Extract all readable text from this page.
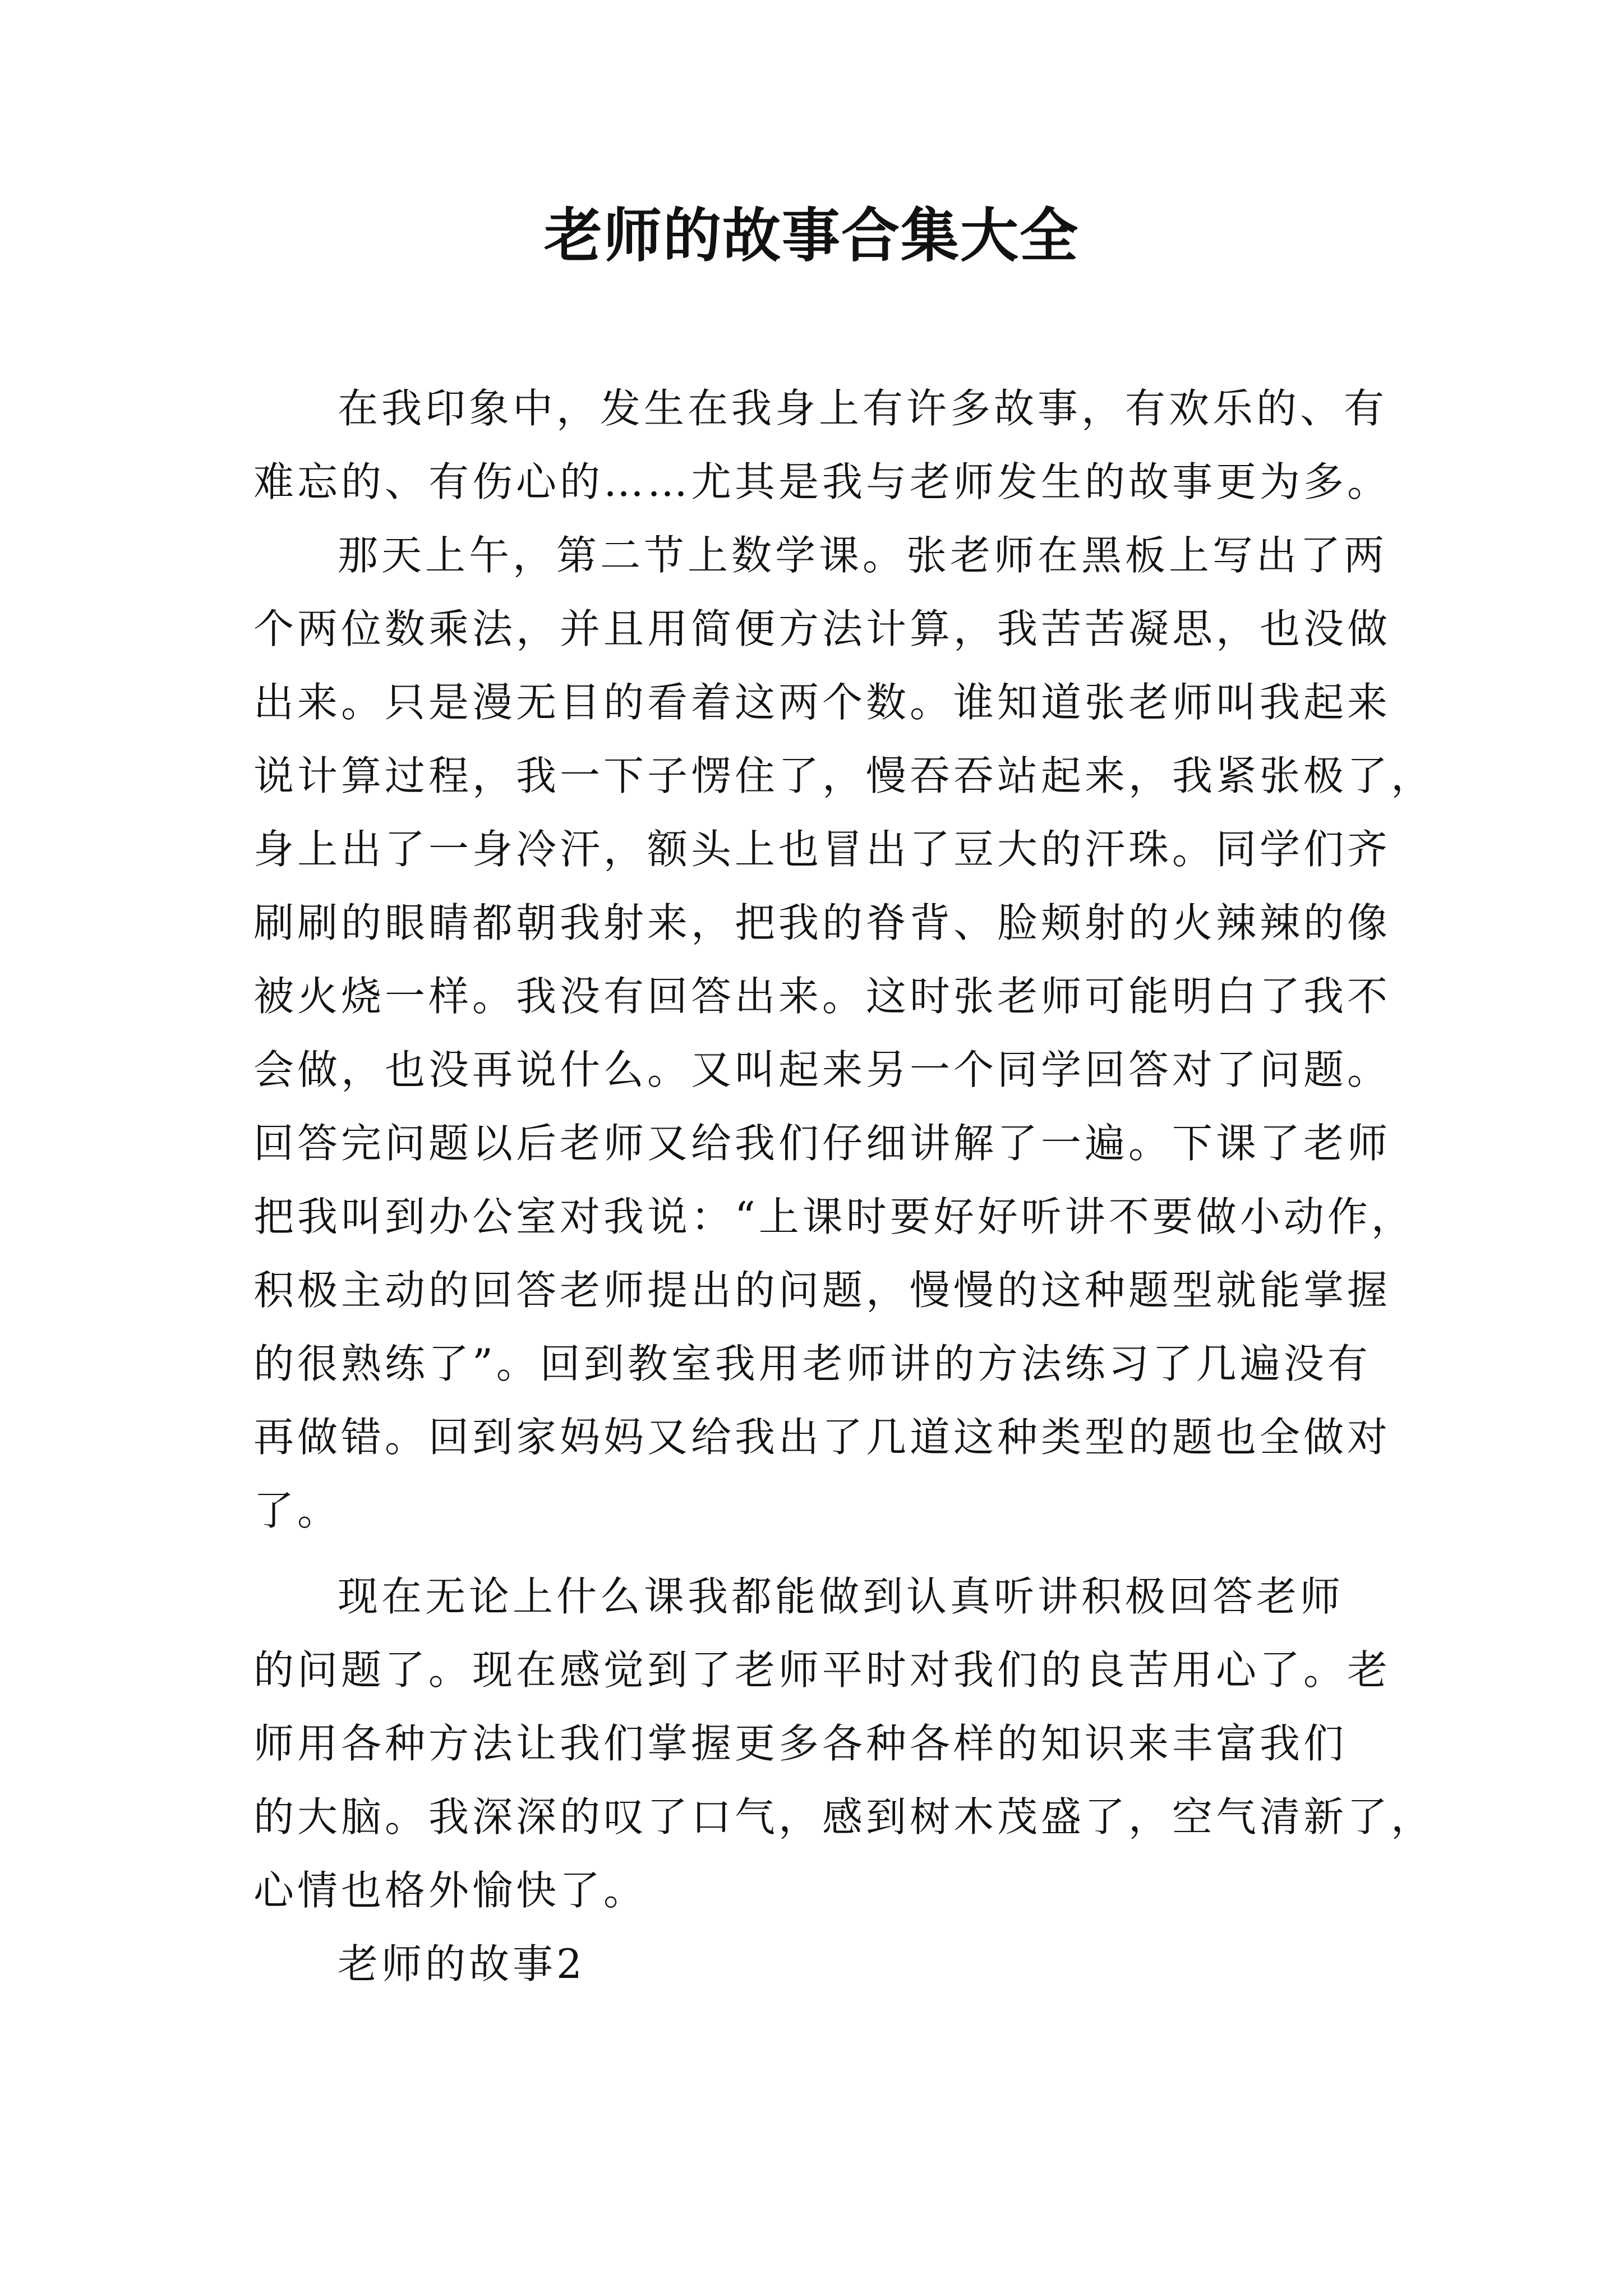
老师的故事合集大全

在我印象中，发生在我身上有许多故事，有欢乐的、有
难忘的、有伤心的……尤其是我与老师发生的故事更为多。

那天上午，第二节上数学课。张老师在黑板上写出了两
个两位数乘法，并且用简便方法计算，我苦苦凝思，也没做
出来。只是漫无目的看着这两个数。谁知道张老师叫我起来
说计算过程，我一下子愣住了，慢吞吞站起来，我紧张极了，
身上出了一身冷汗，额头上也冒出了豆大的汗珠。同学们齐
刷刷的眼睛都朝我射来，把我的脊背、脸颊射的火辣辣的像
被火烧一样。我没有回答出来。这时张老师可能明白了我不
会做，也没再说什么。又叫起来另一个同学回答对了问题。
回答完问题以后老师又给我们仔细讲解了一遍。下课了老师
把我叫到办公室对我说：“上课时要好好听讲不要做小动作，
积极主动的回答老师提出的问题，慢慢的这种题型就能掌握
的很熟练了”。回到教室我用老师讲的方法练习了几遍没有
再做错。回到家妈妈又给我出了几道这种类型的题也全做对
了。

现在无论上什么课我都能做到认真听讲积极回答老师
的问题了。现在感觉到了老师平时对我们的良苦用心了。老
师用各种方法让我们掌握更多各种各样的知识来丰富我们
的大脑。我深深的叹了口气，感到树木茂盛了，空气清新了，
心情也格外愉快了。

老师的故事2
